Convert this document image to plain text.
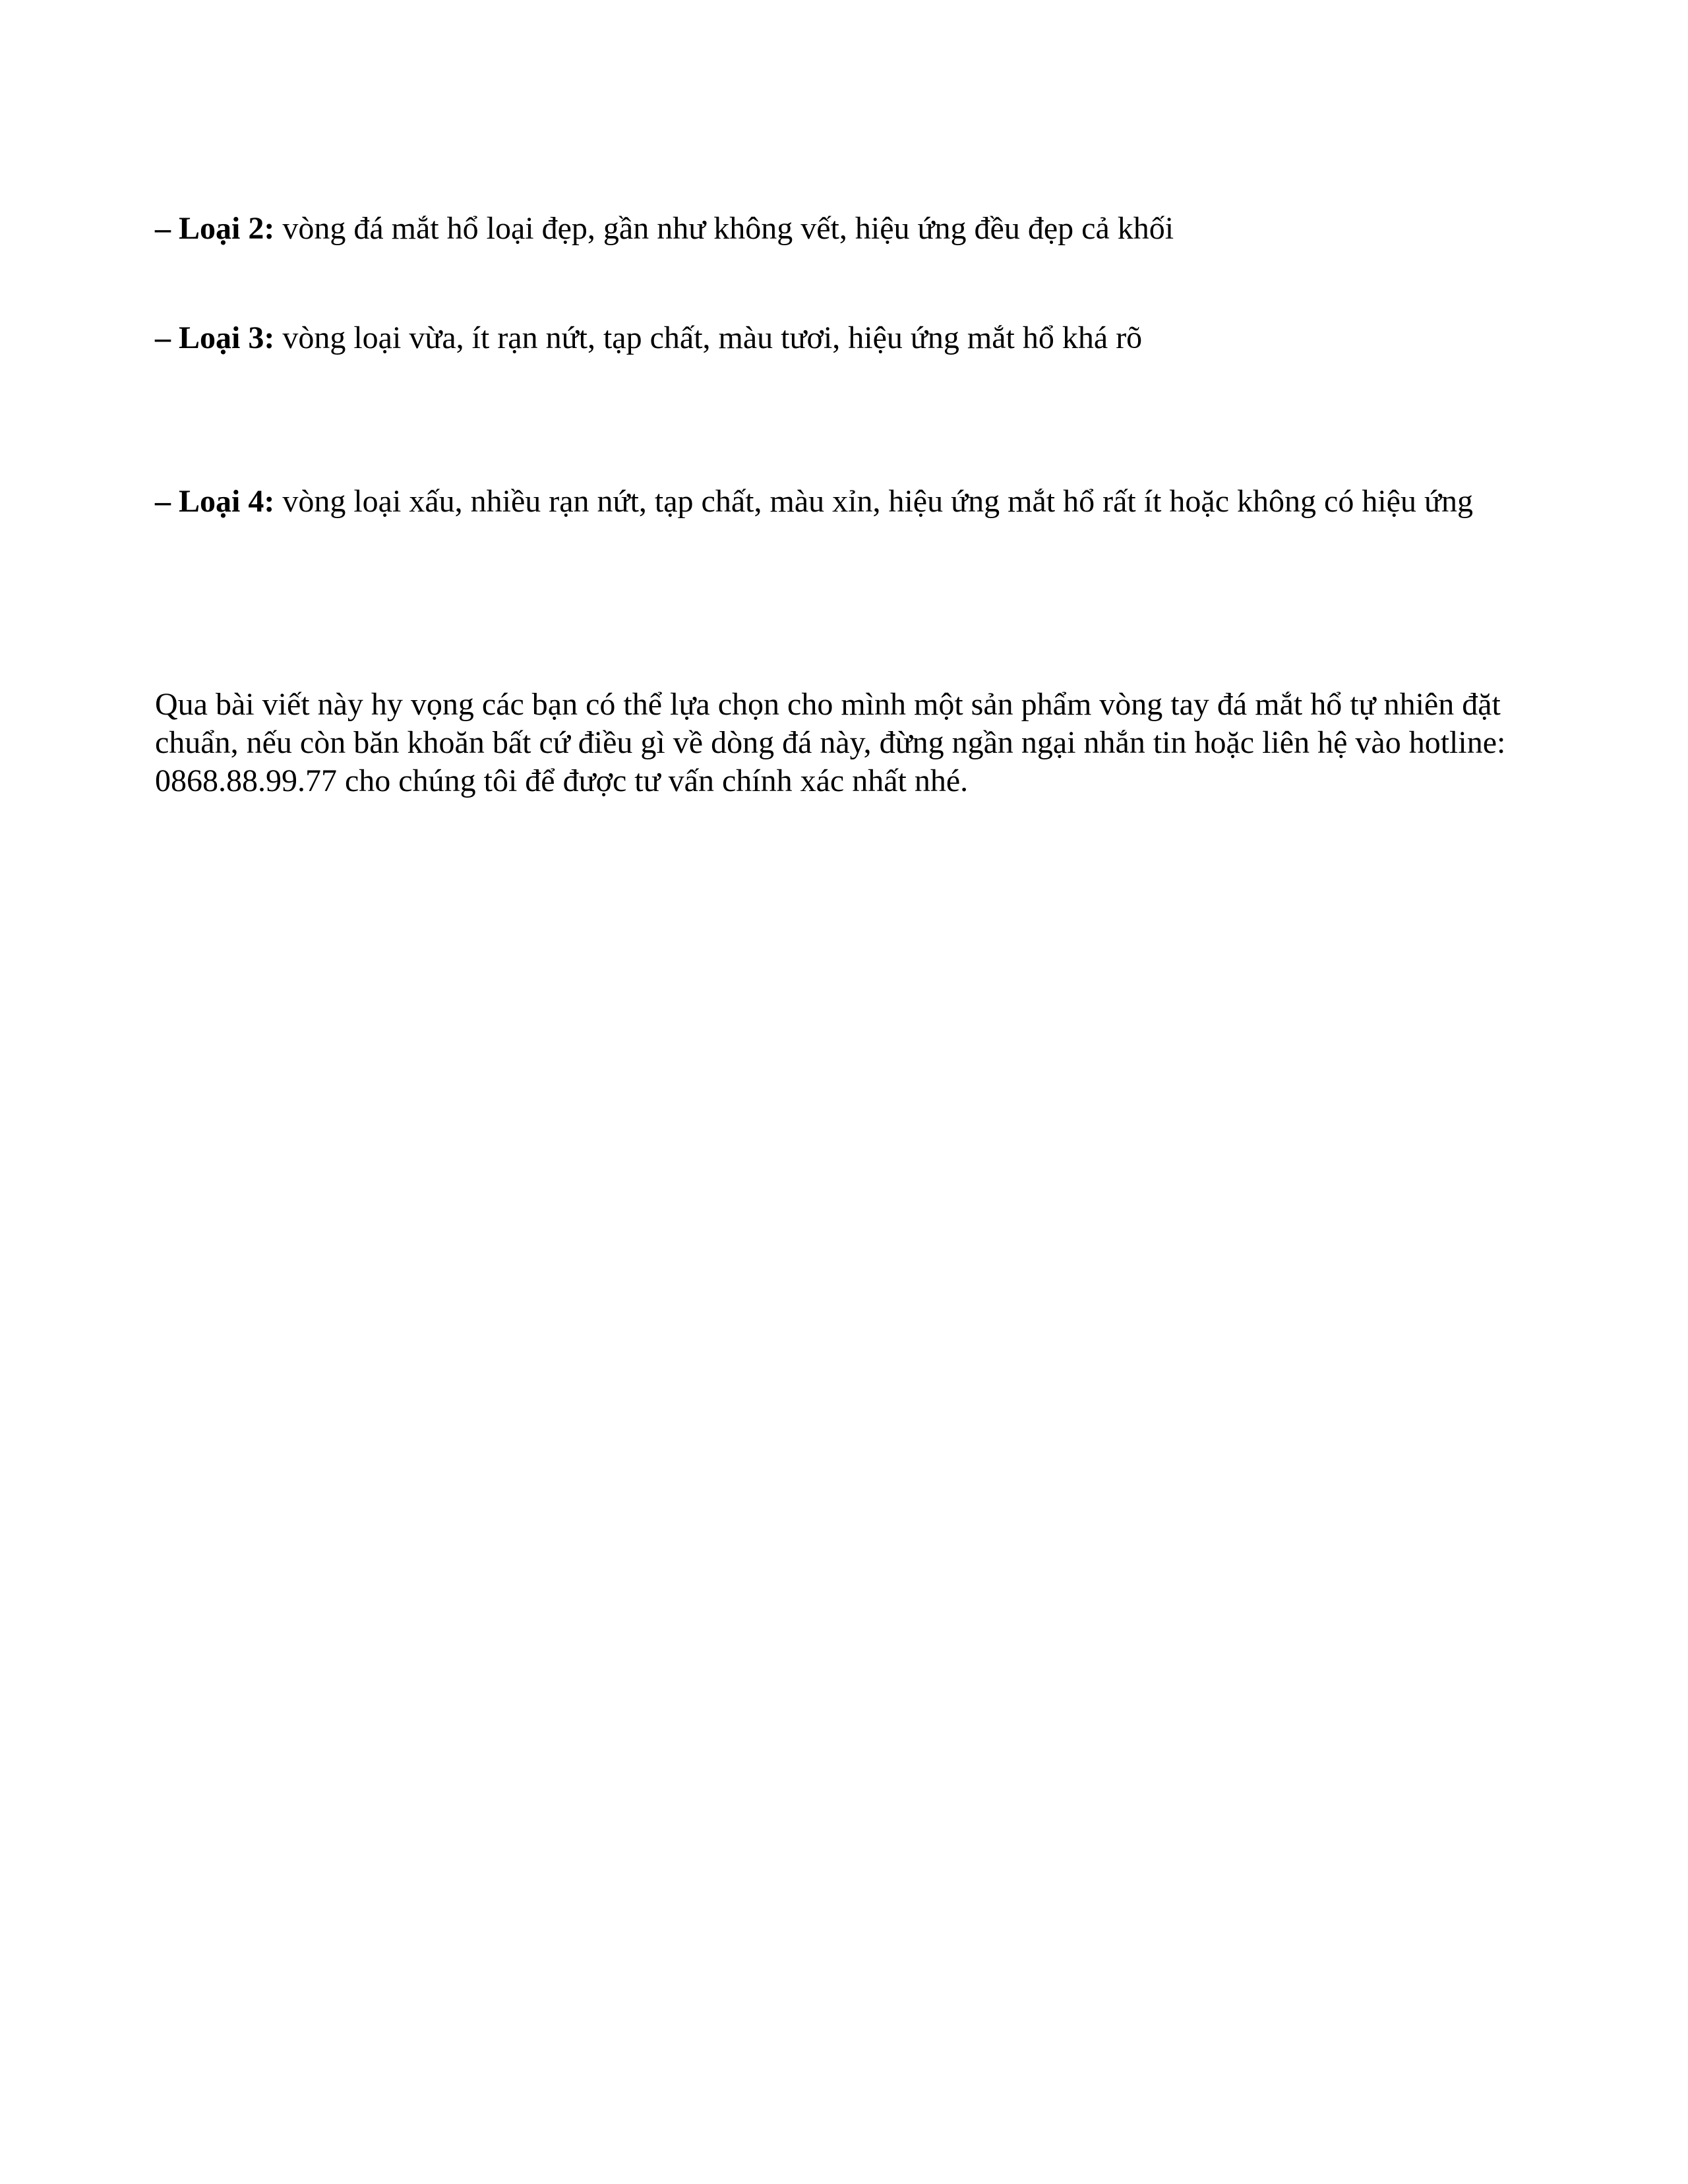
– Loại 2: vòng đá mắt hổ loại đẹp, gần như không vết, hiệu ứng đều đẹp cả khối

– Loại 3: vòng loại vừa, ít rạn nứt, tạp chất, màu tươi, hiệu ứng mắt hổ khá rõ

– Loại 4: vòng loại xấu, nhiều rạn nứt, tạp chất, màu xỉn, hiệu ứng mắt hổ rất ít hoặc không có hiệu ứng

Qua bài viết này hy vọng các bạn có thể lựa chọn cho mình một sản phẩm vòng tay đá mắt hổ tự nhiên đặt chuẩn, nếu còn băn khoăn bất cứ điều gì về dòng đá này, đừng ngần ngại nhắn tin hoặc liên hệ vào hotline: 0868.88.99.77 cho chúng tôi để được tư vấn chính xác nhất nhé.
